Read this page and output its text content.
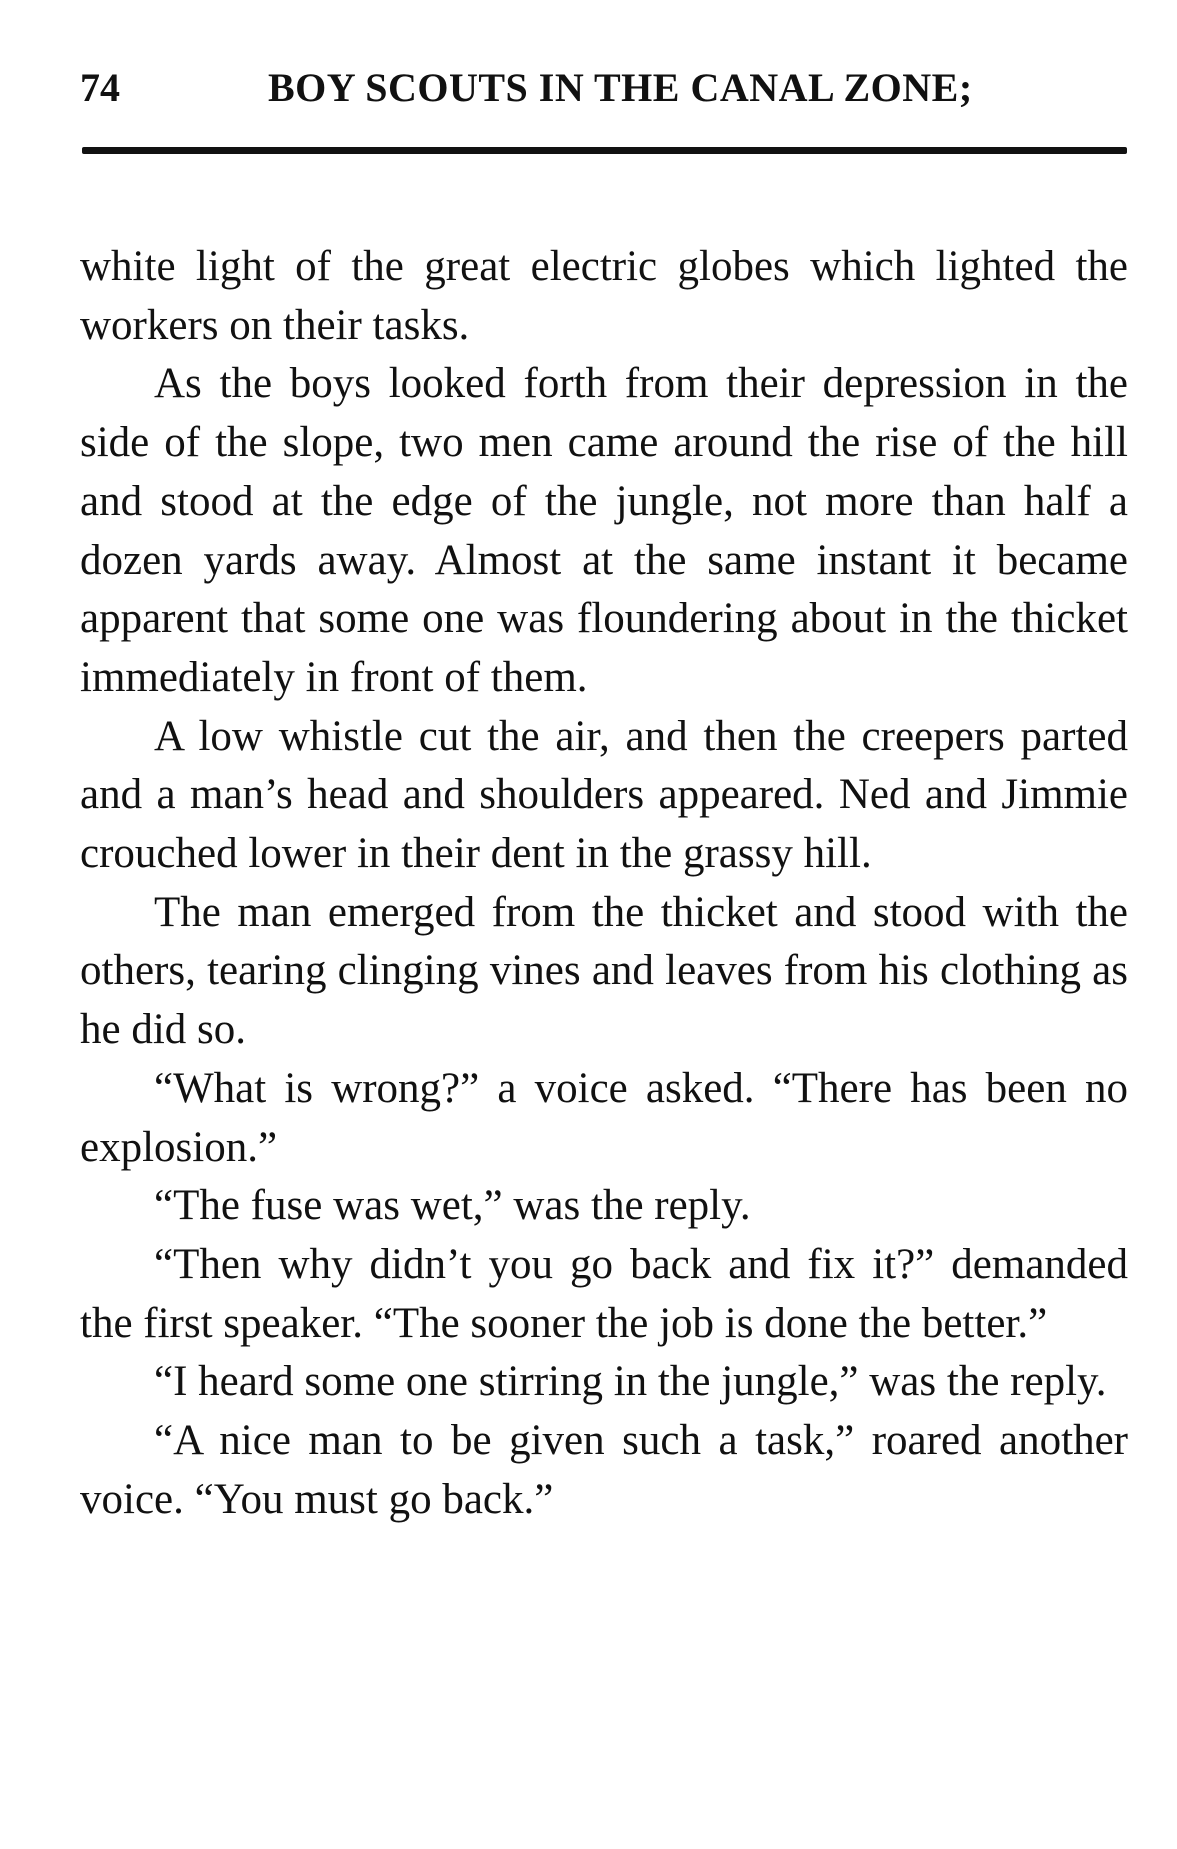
74	BOY SCOUTS IN THE CANAL ZONE;

white light of the great electric globes which lighted the workers on their tasks.

As the boys looked forth from their depression in the side of the slope, two men came around the rise of the hill and stood at the edge of the jungle, not more than half a dozen yards away. Almost at the same instant it became apparent that some one was floundering about in the thicket immediately in front of them.

A low whistle cut the air, and then the creepers parted and a man’s head and shoulders appeared. Ned and Jimmie crouched lower in their dent in the grassy hill.

The man emerged from the thicket and stood with the others, tearing clinging vines and leaves from his clothing as he did so.

“What is wrong?” a voice asked. “There has been no explosion.”

“The fuse was wet,” was the reply.

“Then why didn’t you go back and fix it?” demanded the first speaker. “The sooner the job is done the better.”

“I heard some one stirring in the jungle,” was the reply.

“A nice man to be given such a task,” roared another voice. “You must go back.”
